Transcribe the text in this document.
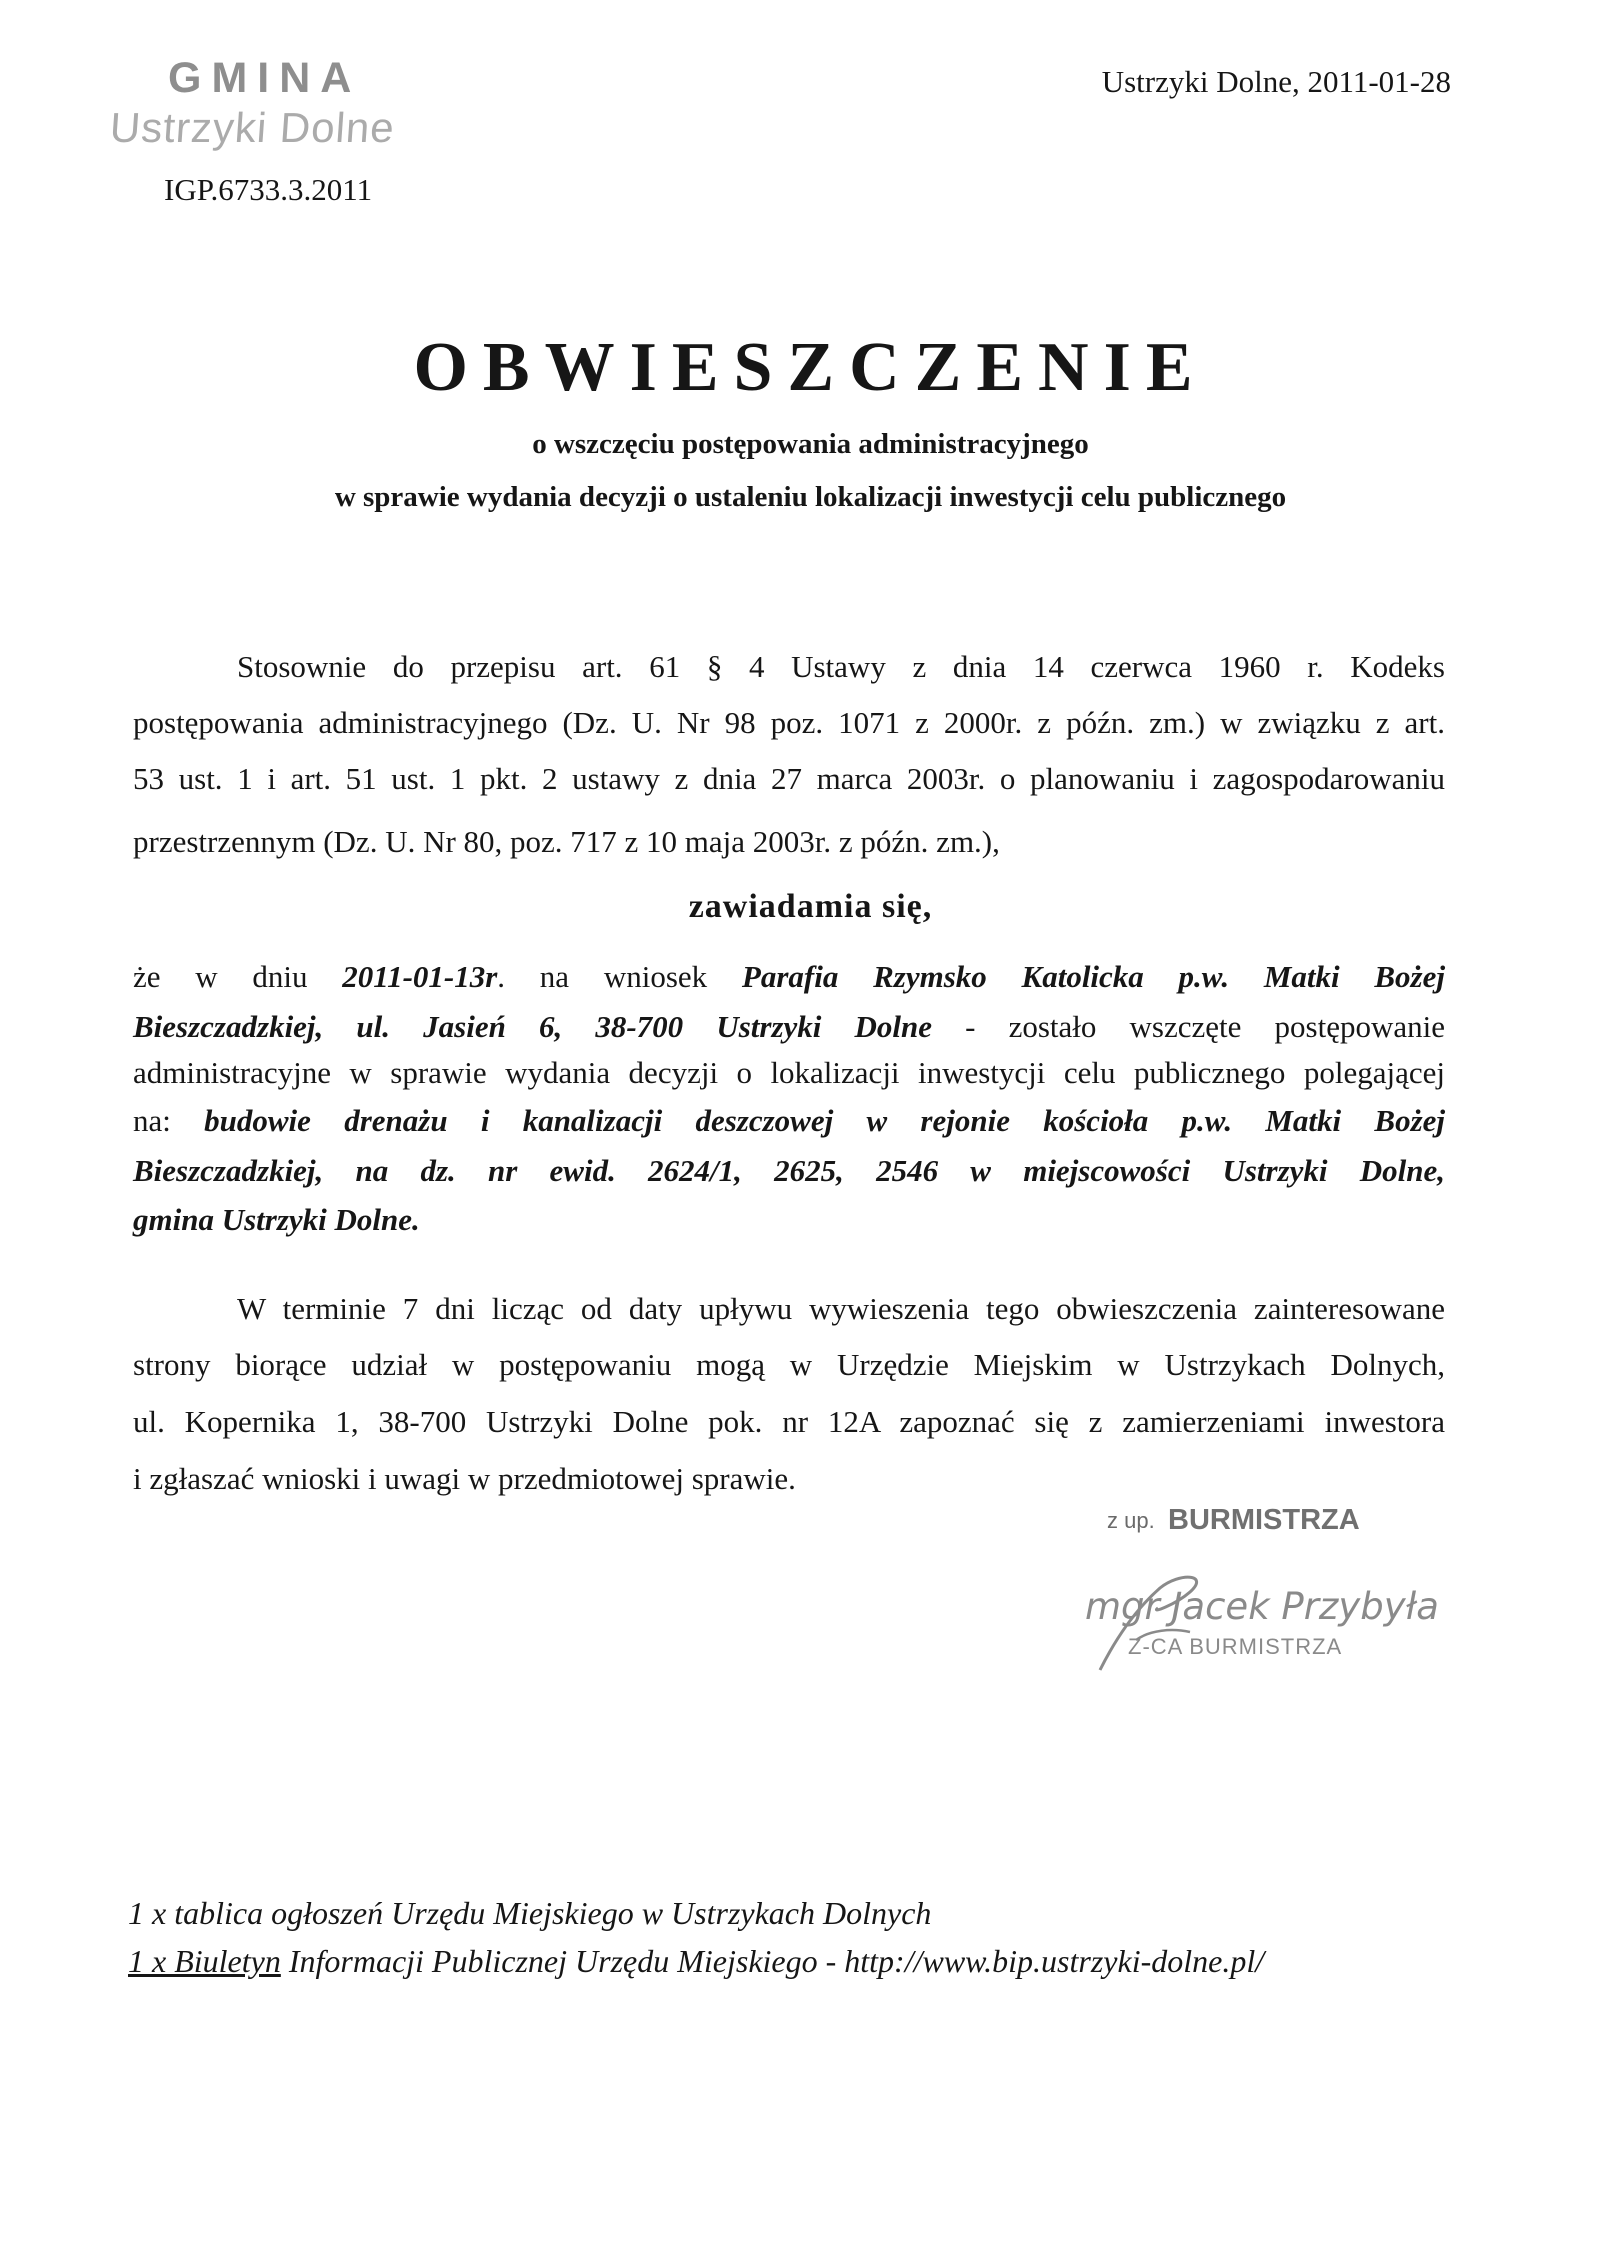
GMINA
Ustrzyki Dolne
Ustrzyki Dolne, 2011-01-28
IGP.6733.3.2011
OBWIESZCZENIE
o wszczęciu postępowania administracyjnego
w sprawie wydania decyzji o ustaleniu lokalizacji inwestycji celu publicznego
Stosownie do przepisu art. 61 § 4 Ustawy z dnia 14 czerwca 1960 r. Kodeks
postępowania administracyjnego (Dz. U. Nr 98 poz. 1071 z 2000r. z późn. zm.) w związku z art.
53 ust. 1 i art. 51 ust. 1 pkt. 2 ustawy z dnia 27 marca 2003r. o planowaniu i zagospodarowaniu
przestrzennym (Dz. U. Nr 80, poz. 717 z 10 maja 2003r. z późn. zm.),
zawiadamia się,
że w dniu 2011-01-13r. na wniosek Parafia Rzymsko Katolicka p.w. Matki Bożej
Bieszczadzkiej, ul. Jasień 6, 38-700 Ustrzyki Dolne - zostało wszczęte postępowanie
administracyjne w sprawie wydania decyzji o lokalizacji inwestycji celu publicznego polegającej
na: budowie drenażu i kanalizacji deszczowej w rejonie kościoła p.w. Matki Bożej
Bieszczadzkiej, na dz. nr ewid. 2624/1, 2625, 2546 w miejscowości Ustrzyki Dolne,
gmina Ustrzyki Dolne.
W terminie 7 dni licząc od daty upływu wywieszenia tego obwieszczenia zainteresowane
strony biorące udział w postępowaniu mogą w Urzędzie Miejskim w Ustrzykach Dolnych,
ul. Kopernika 1, 38-700 Ustrzyki Dolne pok. nr 12A zapoznać się z zamierzeniami inwestora
i zgłaszać wnioski i uwagi w przedmiotowej sprawie.
z up. BURMISTRZA
mgr Jacek Przybyła
Z-CA BURMISTRZA
1 x tablica ogłoszeń Urzędu Miejskiego w Ustrzykach Dolnych
1 x Biuletyn Informacji Publicznej Urzędu Miejskiego - http://www.bip.ustrzyki-dolne.pl/
